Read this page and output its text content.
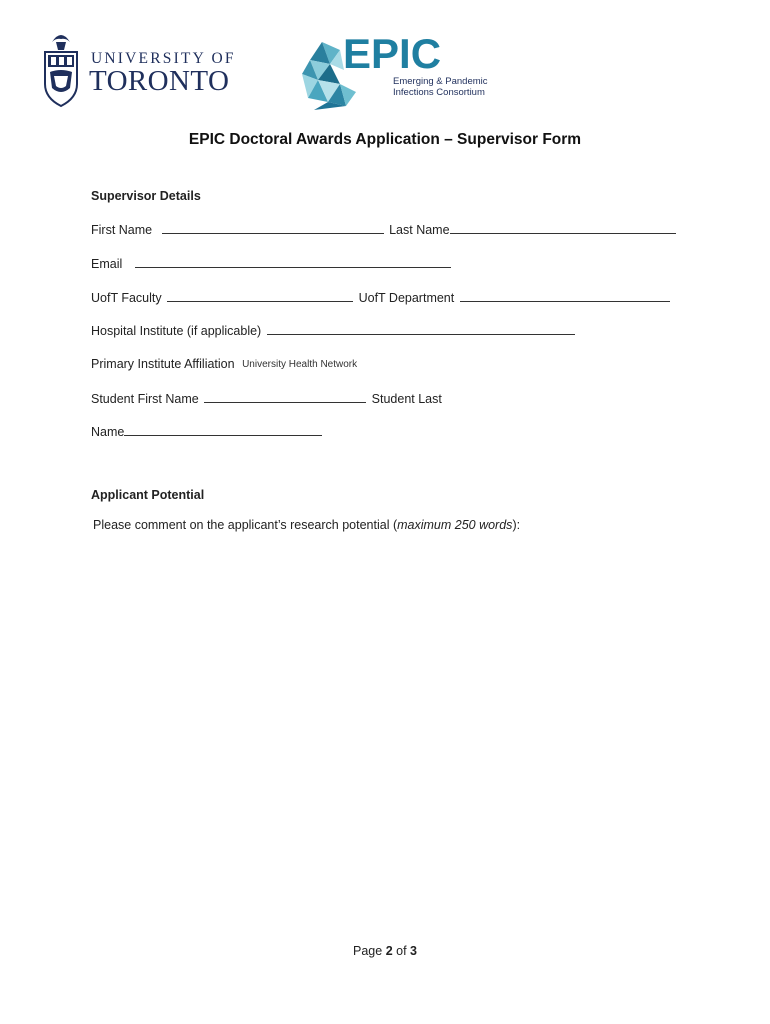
UNIVERSITY OF
TORONTO
EPIC
Emerging & Pandemic
Infections Consortium
EPIC Doctoral Awards Application – Supervisor Form
Supervisor Details
First Name	Last Name
Email
UofT Faculty	UofT Department
Hospital Institute (if applicable)
Primary Institute Affiliation University Health Network
Student First Name	Student Last
Name
Applicant Potential
Please comment on the applicant’s research potential (maximum 250 words):
Page 2 of 3
